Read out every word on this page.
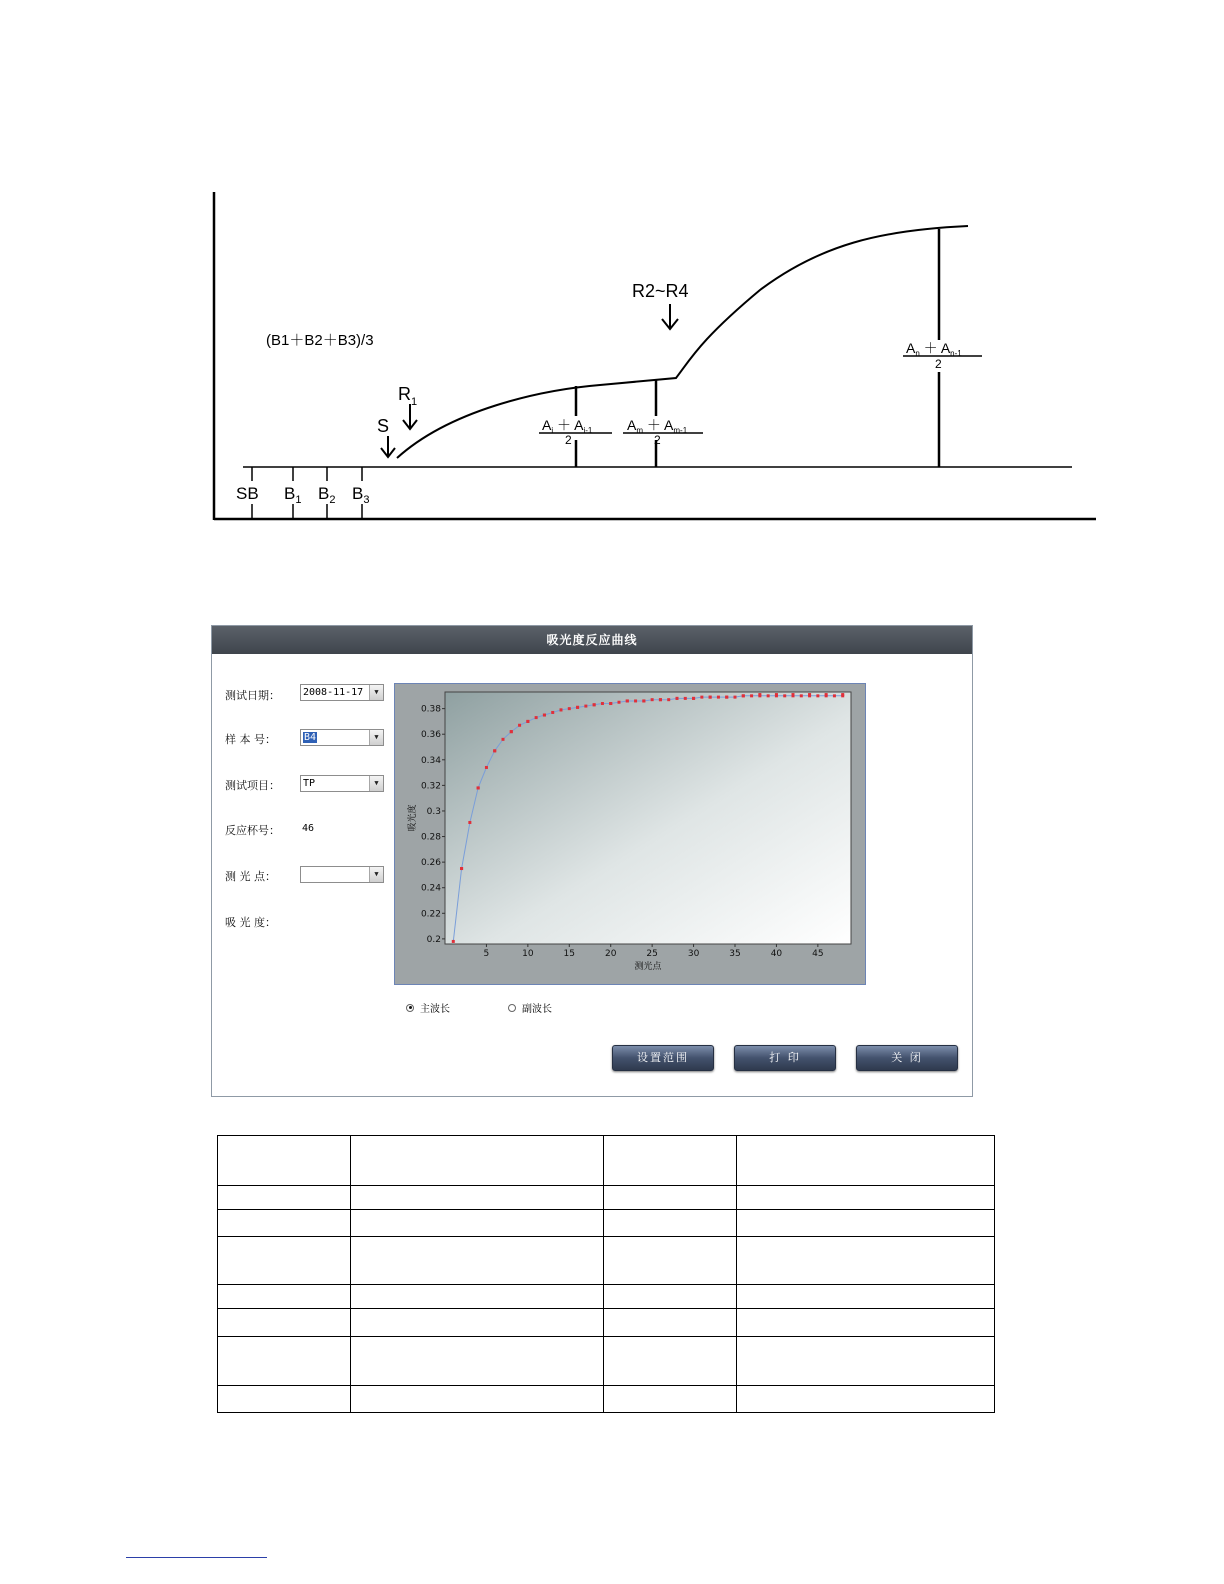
SB $B_1$ $B_2$ $B_3$
(B1＋B2＋B3)/3
$R_1$
S
R2~R4
$A_i + A_{i-1}$
2
$A_m + A_{m-1}$
2
$A_n + A_{n-1}$
2
吸光度反应曲线
测试日期：	2008-11-17	▼
样 本 号：	B4	▼
测试项目：	TP	▼
反应杯号： 46
测 光 点：	▼
吸 光 度：
0.2
0.22
0.24
0.26
0.28
0.3
0.32
0.34
0.36
0.38
5	10	15	20	25	30	35	40	45
测光点
吸光度
主波长	副波长
设置范围	打 印	关 闭
